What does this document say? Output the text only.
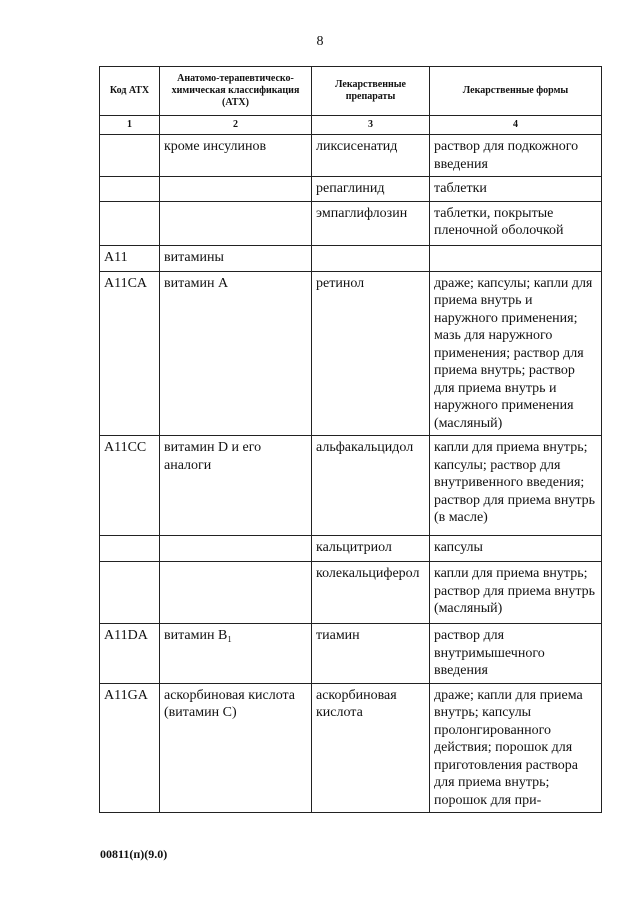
8
Код АТХ	Анатомо-терапевтическо-химическая классификация (АТХ)	Лекарственные препараты	Лекарственные формы
1	2	3	4
	кроме инсулинов	ликсисенатид	раствор для подкожного введения
		репаглинид	таблетки
		эмпаглифлозин	таблетки, покрытые пленочной оболочкой
A11	витамины		
A11CA	витамин A	ретинол	драже; капсулы; капли для приема внутрь и наружного применения; мазь для наружного применения; раствор для приема внутрь; раствор для приема внутрь и наружного применения (масляный)
A11CC	витамин D и его аналоги	альфакальцидол	капли для приема внутрь; капсулы; раствор для внутривенного введения; раствор для приема внутрь (в масле)
		кальцитриол	капсулы
		колекальциферол	капли для приема внутрь; раствор для приема внутрь (масляный)
A11DA	витамин B₁	тиамин	раствор для внутримышечного введения
A11GA	аскорбиновая кислота (витамин C)	аскорбиновая кислота	драже; капли для приема внутрь; капсулы пролонгированного действия; порошок для приготовления раствора для приема внутрь; порошок для при-
00811(п)(9.0)
